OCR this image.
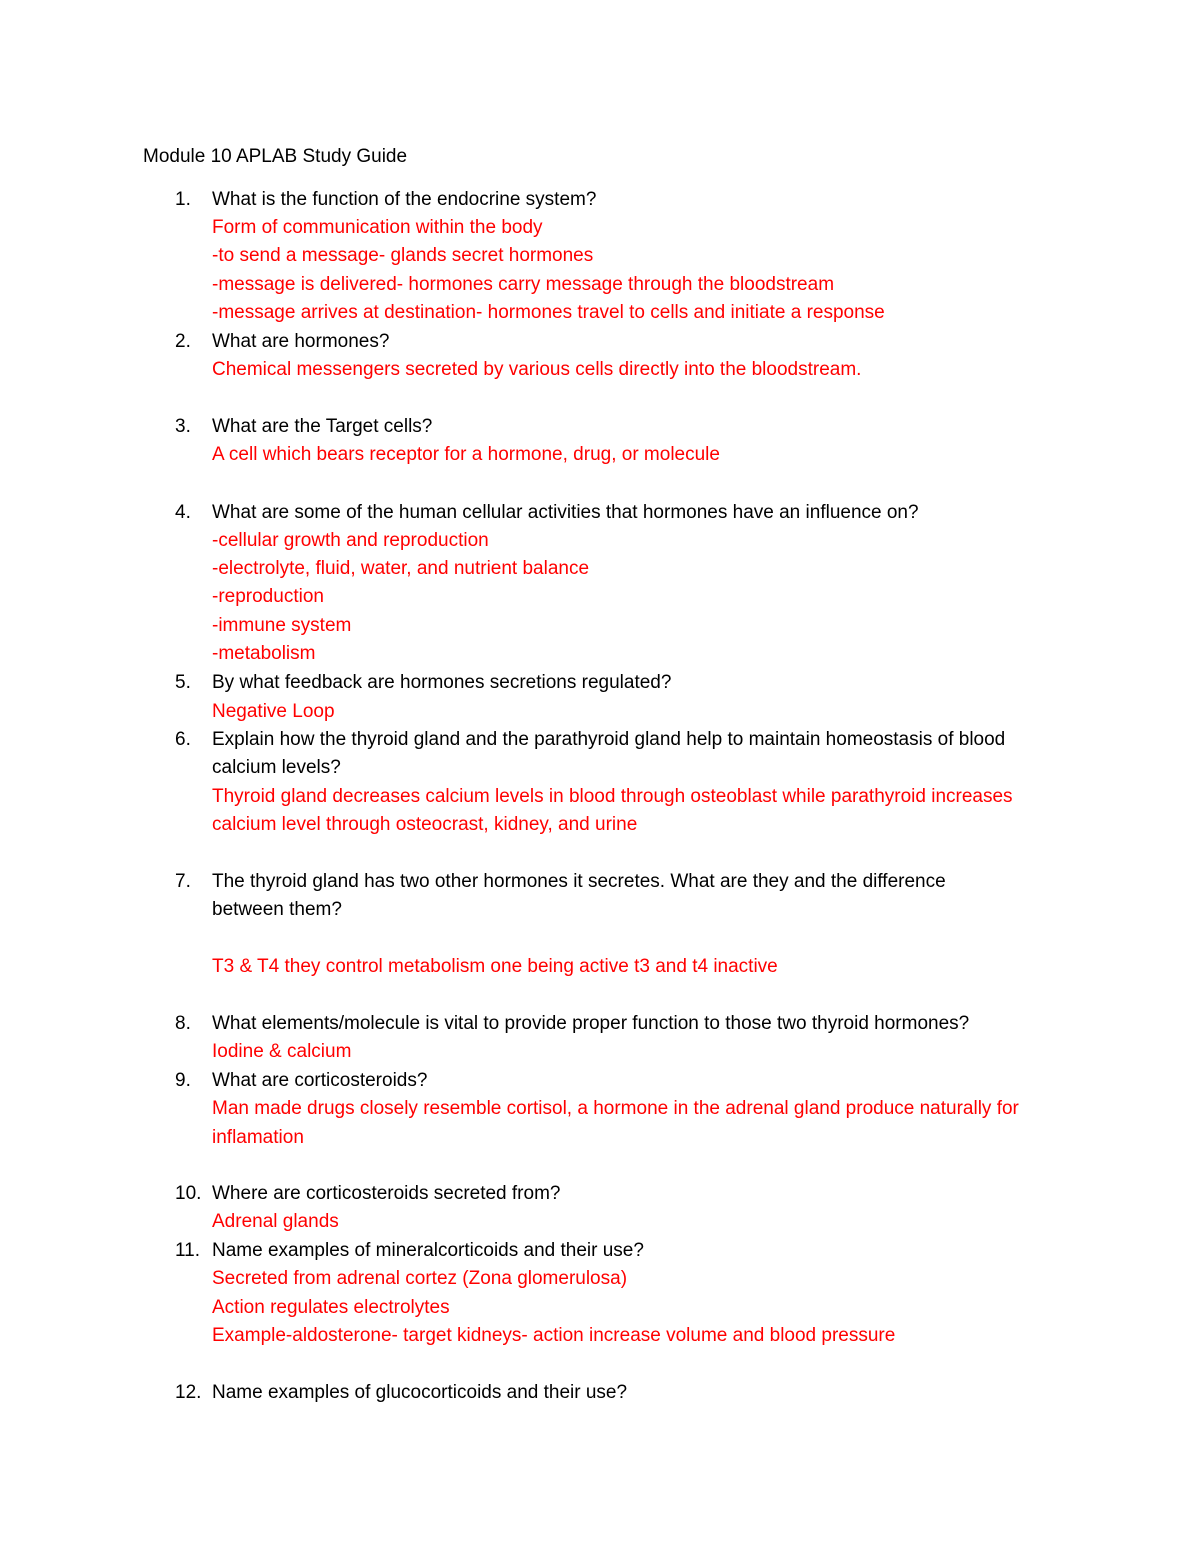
Module 10 APLAB Study Guide
1. What is the function of the endocrine system?
Form of communication within the body
-to send a message- glands secret hormones
-message is delivered- hormones carry message through the bloodstream
-message arrives at destination- hormones travel to cells and initiate a response
2. What are hormones?
Chemical messengers secreted by various cells directly into the bloodstream.
3. What are the Target cells?
A cell which bears receptor for a hormone, drug, or molecule
4. What are some of the human cellular activities that hormones have an influence on?
-cellular growth and reproduction
-electrolyte, fluid, water, and nutrient balance
-reproduction
-immune system
-metabolism
5. By what feedback are hormones secretions regulated?
Negative Loop
6. Explain how the thyroid gland and the parathyroid gland help to maintain homeostasis of blood
calcium levels?
Thyroid gland decreases calcium levels in blood through osteoblast while parathyroid increases
calcium level through osteocrast, kidney, and urine
7. The thyroid gland has two other hormones it secretes. What are they and the difference
between them?
T3 & T4 they control metabolism one being active t3 and t4 inactive
8. What elements/molecule is vital to provide proper function to those two thyroid hormones?
Iodine & calcium
9. What are corticosteroids?
Man made drugs closely resemble cortisol, a hormone in the adrenal gland produce naturally for
inflamation
10. Where are corticosteroids secreted from?
Adrenal glands
11. Name examples of mineralcorticoids and their use?
Secreted from adrenal cortez (Zona glomerulosa)
Action regulates electrolytes
Example-aldosterone- target kidneys- action increase volume and blood pressure
12. Name examples of glucocorticoids and their use?
